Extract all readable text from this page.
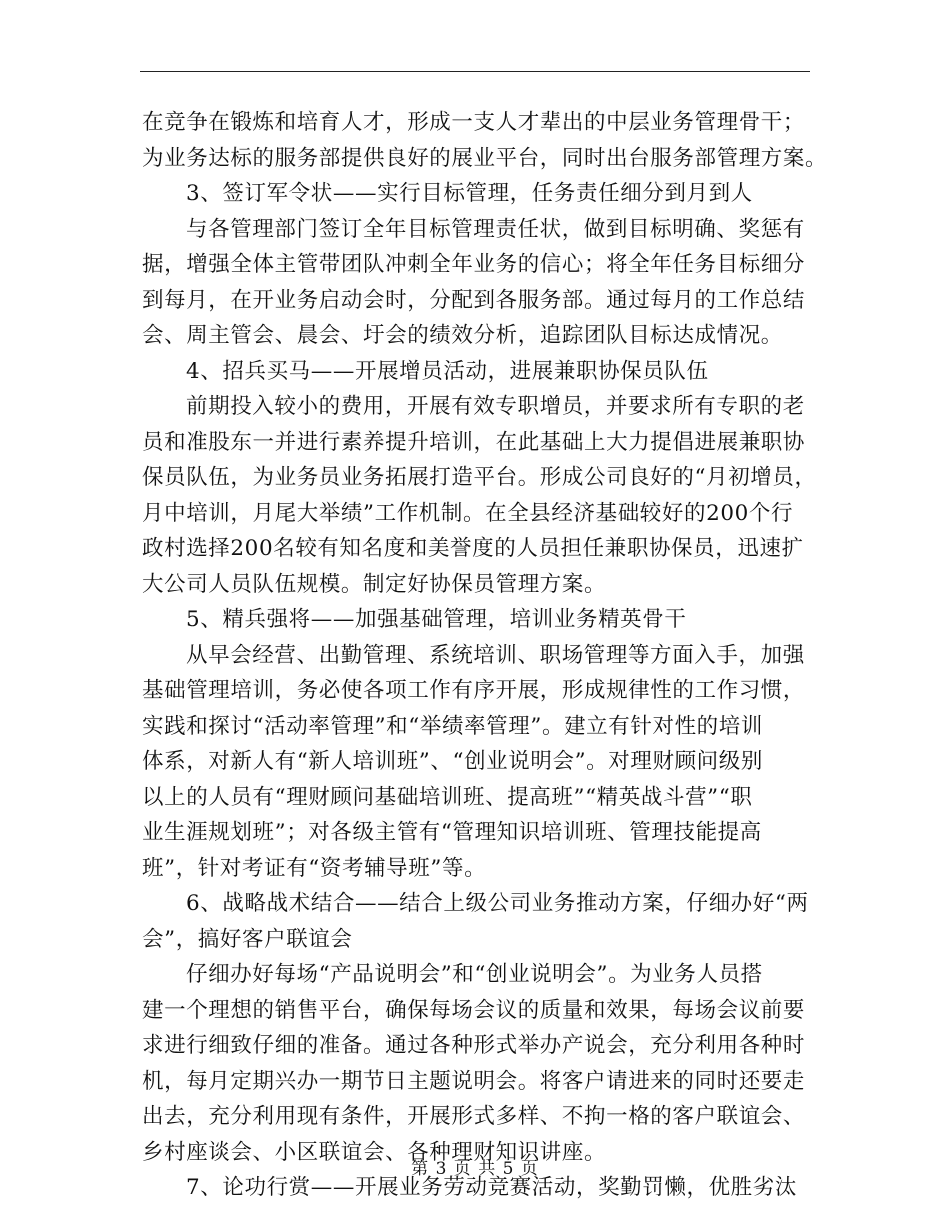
在竞争在锻炼和培育人才，形成一支人才辈出的中层业务管理骨干；
为业务达标的服务部提供良好的展业平台，同时出台服务部管理方案。
3、签订军令状——实行目标管理，任务责任细分到月到人
与各管理部门签订全年目标管理责任状，做到目标明确、奖惩有
据，增强全体主管带团队冲刺全年业务的信心；将全年任务目标细分
到每月，在开业务启动会时，分配到各服务部。通过每月的工作总结
会、周主管会、晨会、圩会的绩效分析，追踪团队目标达成情况。
4、招兵买马——开展增员活动，进展兼职协保员队伍
前期投入较小的费用，开展有效专职增员，并要求所有专职的老
员和准股东一并进行素养提升培训，在此基础上大力提倡进展兼职协
保员队伍，为业务员业务拓展打造平台。形成公司良好的“月初增员，
月中培训，月尾大举绩”工作机制。在全县经济基础较好的200个行
政村选择200名较有知名度和美誉度的人员担任兼职协保员，迅速扩
大公司人员队伍规模。制定好协保员管理方案。
5、精兵强将——加强基础管理，培训业务精英骨干
从早会经营、出勤管理、系统培训、职场管理等方面入手，加强
基础管理培训，务必使各项工作有序开展，形成规律性的工作习惯，
实践和探讨“活动率管理”和“举绩率管理”。建立有针对性的培训
体系，对新人有“新人培训班”、“创业说明会”。对理财顾问级别
以上的人员有“理财顾问基础培训班、提高班”“精英战斗营”“职
业生涯规划班”；对各级主管有“管理知识培训班、管理技能提高
班”，针对考证有“资考辅导班”等。
6、战略战术结合——结合上级公司业务推动方案，仔细办好“两
会”，搞好客户联谊会
仔细办好每场“产品说明会”和“创业说明会”。为业务人员搭
建一个理想的销售平台，确保每场会议的质量和效果，每场会议前要
求进行细致仔细的准备。通过各种形式举办产说会，充分利用各种时
机，每月定期兴办一期节日主题说明会。将客户请进来的同时还要走
出去，充分利用现有条件，开展形式多样、不拘一格的客户联谊会、
乡村座谈会、小区联谊会、各种理财知识讲座。
7、论功行赏——开展业务劳动竞赛活动，奖勤罚懒，优胜劣汰
第 3 页 共 5 页
